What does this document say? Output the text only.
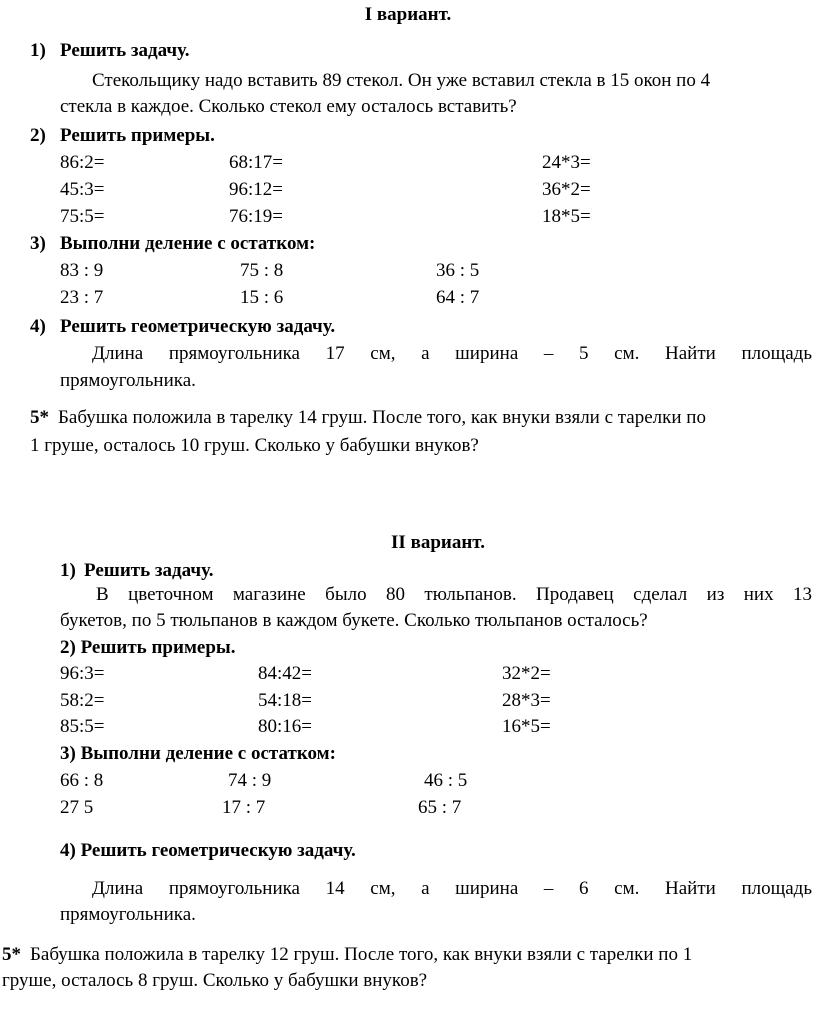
I вариант.
1) Решить задачу.
Стекольщику надо вставить 89 стекол. Он уже вставил стекла в 15 окон по 4
стекла в каждое. Сколько стекол ему осталось вставить?
2) Решить примеры.
86:2=	68:17=	24*3=
45:3=	96:12=	36*2=
75:5=	76:19=	18*5=
3) Выполни деление с остатком:
83 : 9	75 : 8	36 : 5
23 : 7	15 : 6	64 : 7
4) Решить геометрическую задачу.
Длина прямоугольника 17 см, а ширина – 5 см. Найти площадь
прямоугольника.
5* Бабушка положила в тарелку 14 груш. После того, как внуки взяли с тарелки по
1 груше, осталось 10 груш. Сколько у бабушки внуков?
II вариант.
1) Решить задачу.
В цветочном магазине было 80 тюльпанов. Продавец сделал из них 13
букетов, по 5 тюльпанов в каждом букете. Сколько тюльпанов осталось?
2) Решить примеры.
96:3=	84:42=	32*2=
58:2=	54:18=	28*3=
85:5=	80:16=	16*5=
3) Выполни деление с остатком:
66 : 8	74 : 9	46 : 5
27 5	17 : 7	65 : 7
4) Решить геометрическую задачу.
Длина прямоугольника 14 см, а ширина – 6 см. Найти площадь
прямоугольника.
5* Бабушка положила в тарелку 12 груш. После того, как внуки взяли с тарелки по 1
груше, осталось 8 груш. Сколько у бабушки внуков?
